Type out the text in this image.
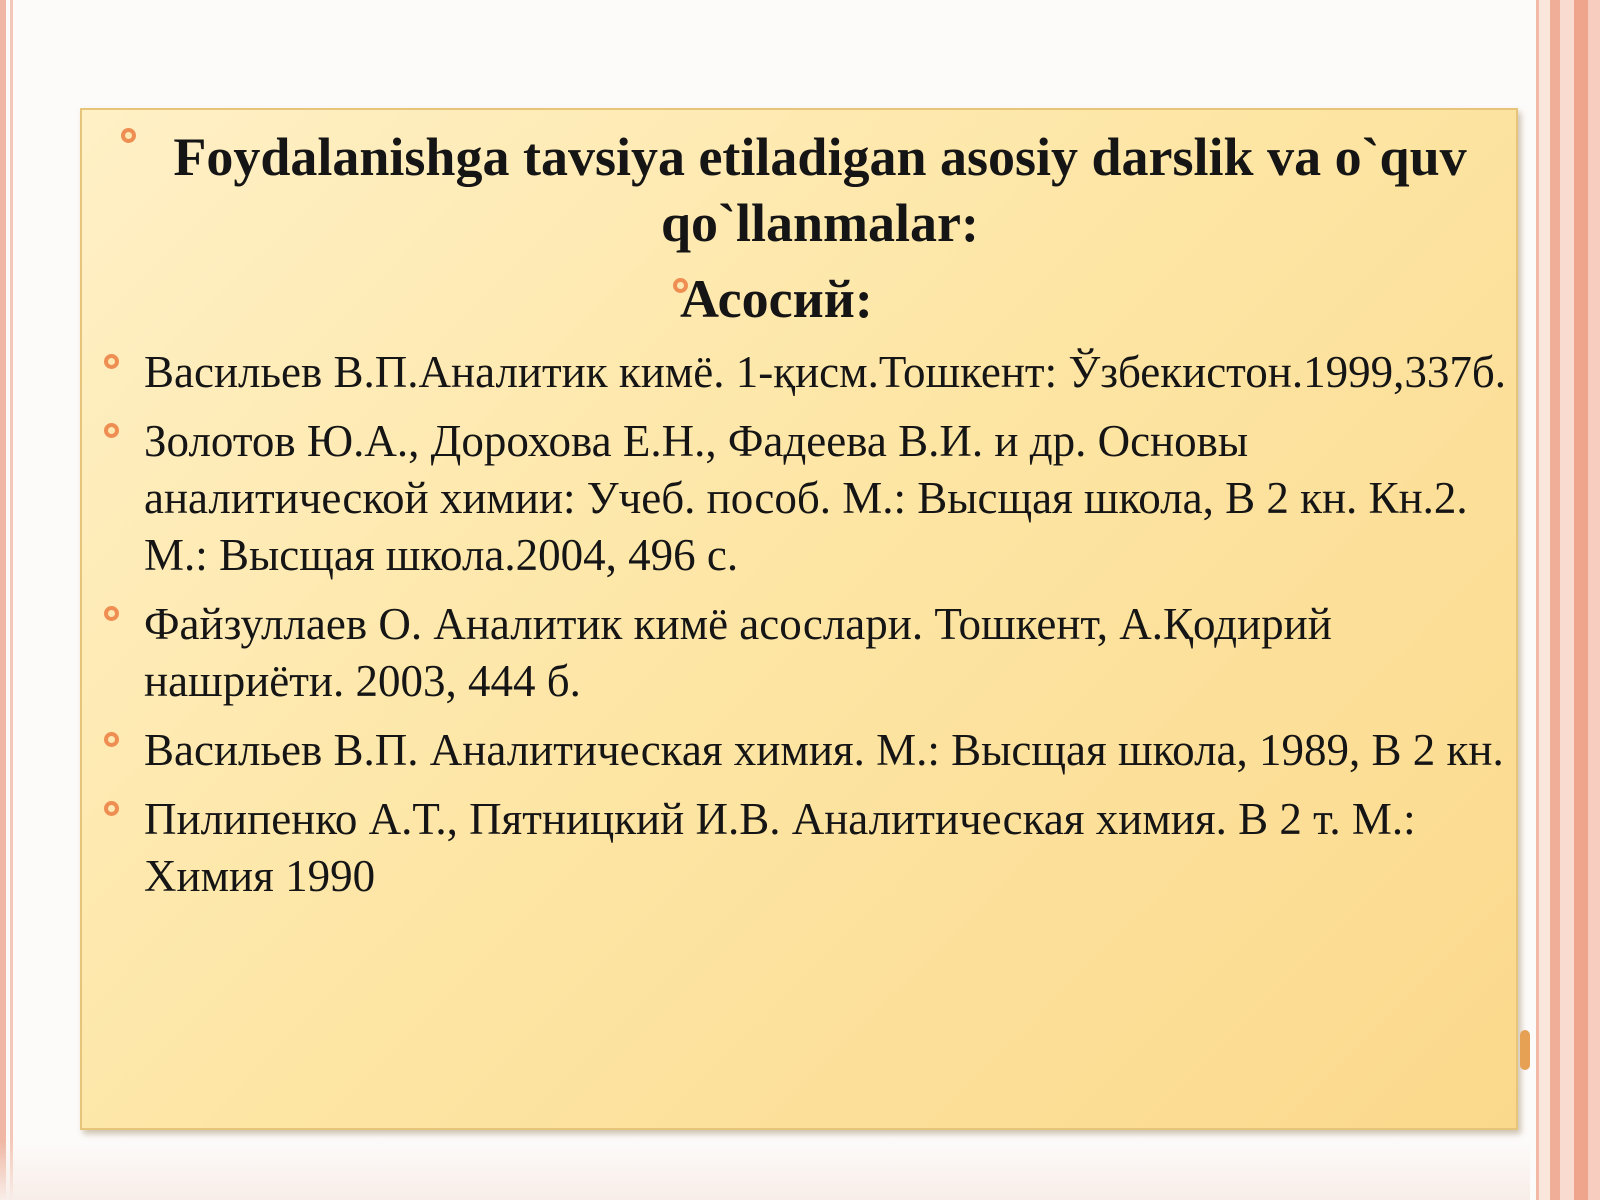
Foydalanishga tavsiya etiladigan asosiy darslik va o`quv qo`llanmalar:
Асосий:
Васильев В.П.Аналитик кимё. 1-қисм.Тошкент: Ўзбекистон.1999,337б.
Золотов Ю.А., Дорохова Е.Н., Фадеева В.И. и др. Основы аналитической химии: Учеб. пособ. М.: Высщая школа, В 2 кн. Кн.2. М.: Высщая школа.2004, 496 с.
Файзуллаев О. Аналитик кимё асослари. Тошкент, А.Қодирий нашриёти. 2003, 444 б.
Васильев В.П. Аналитическая химия. М.: Высщая школа, 1989, В 2 кн.
Пилипенко А.Т., Пятницкий И.В. Аналитическая химия. В 2 т. М.: Химия 1990
